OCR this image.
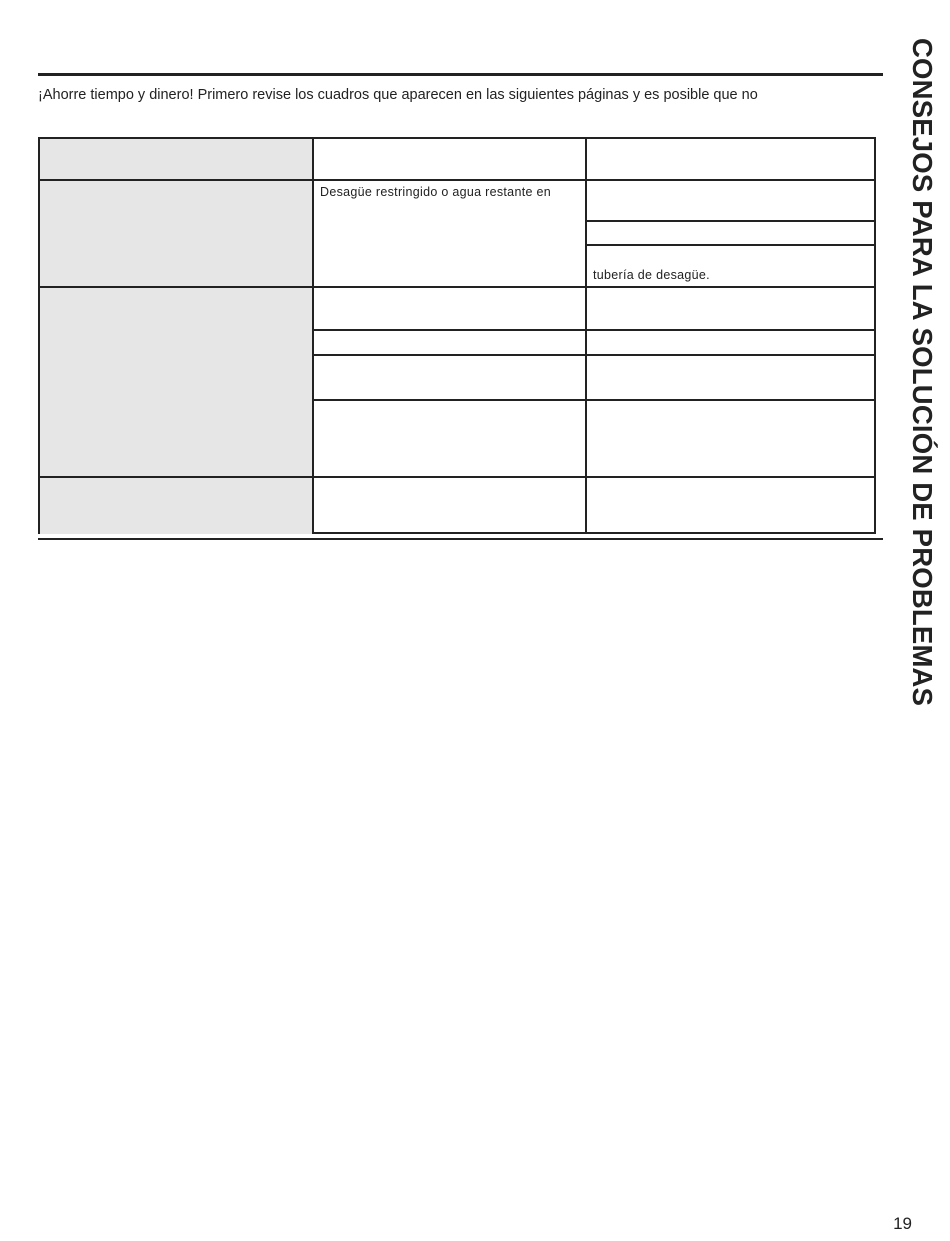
¡Ahorre tiempo y dinero! Primero revise los cuadros que aparecen en las siguientes páginas y es posible que no
Desagüe restringido o agua restante en
tubería de desagüe.	CONSEJOS PARA LA SOLUCIÓN DE PROBLEMAS
19
